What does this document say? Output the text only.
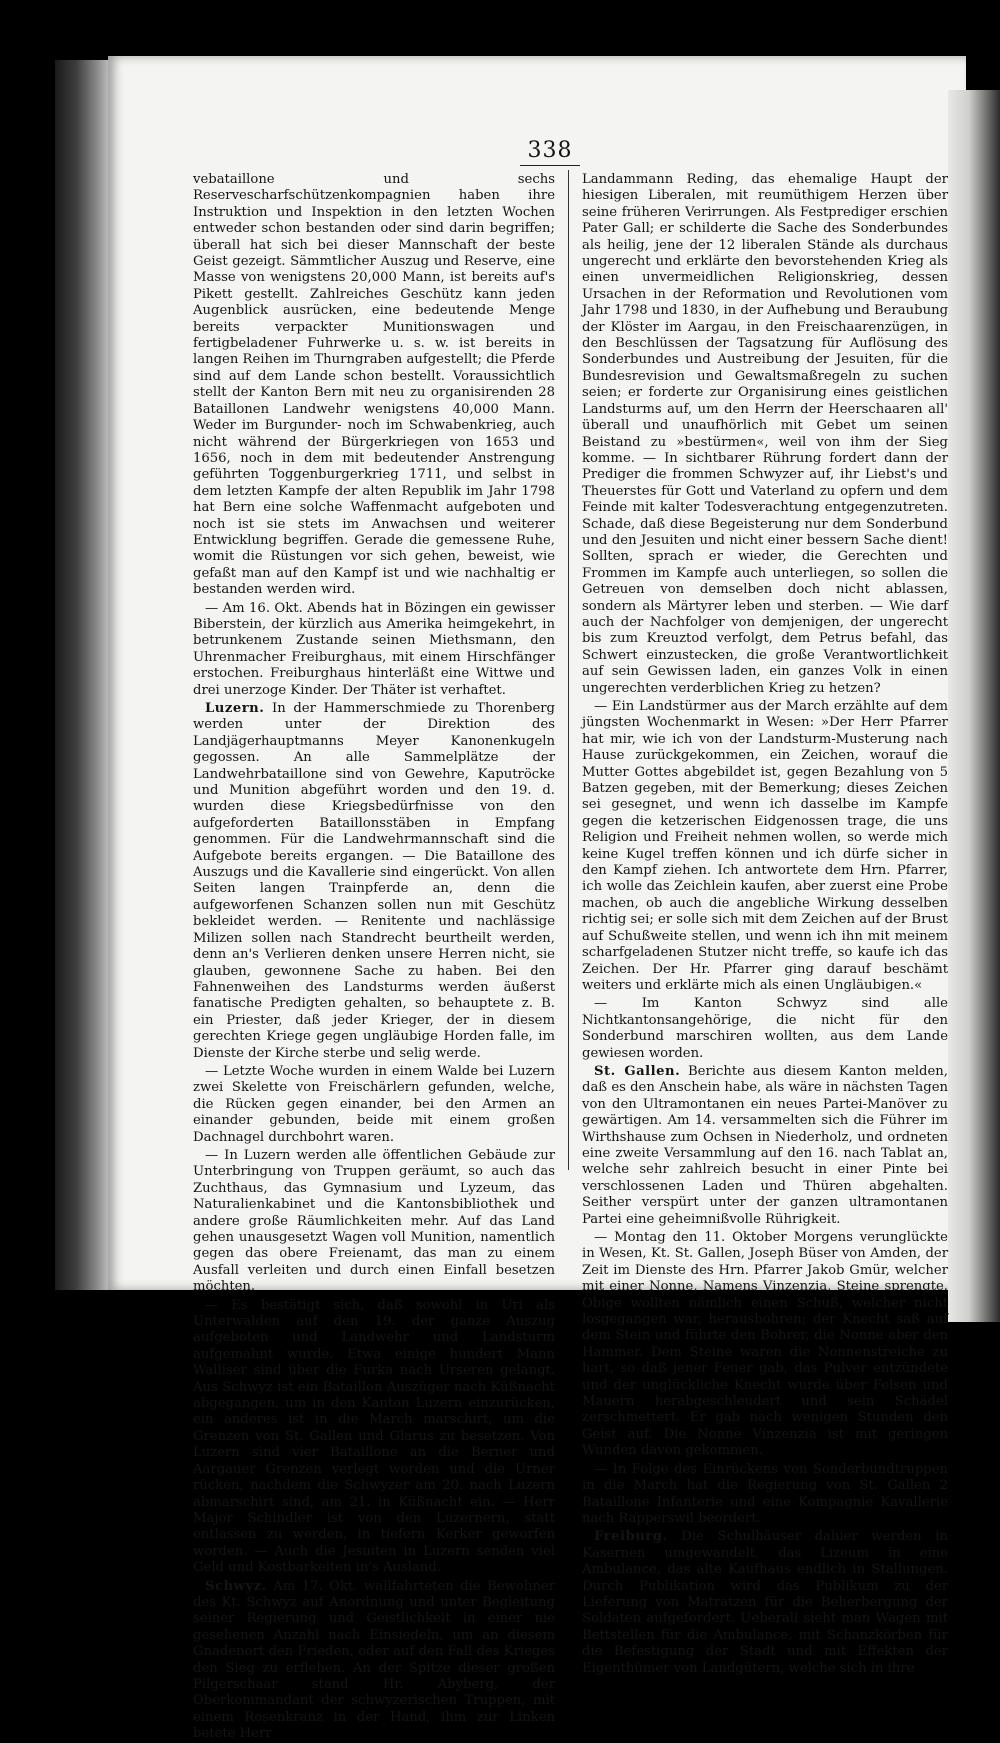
338

vebataillone und sechs Reservescharfschützenkompagnien haben ihre Instruktion und Inspektion in den letzten Wochen entweder schon bestanden oder sind darin begriffen; überall hat sich bei dieser Mannschaft der beste Geist gezeigt. Sämmtlicher Auszug und Reserve, eine Masse von wenigstens 20,000 Mann, ist bereits auf's Pikett gestellt. Zahlreiches Geschütz kann jeden Augenblick ausrücken, eine bedeutende Menge bereits verpackter Munitionswagen und fertigbeladener Fuhrwerke u. s. w. ist bereits in langen Reihen im Thurngraben aufgestellt; die Pferde sind auf dem Lande schon bestellt. Voraussichtlich stellt der Kanton Bern mit neu zu organisirenden 28 Bataillonen Landwehr wenigstens 40,000 Mann. Weder im Burgunder- noch im Schwabenkrieg, auch nicht während der Bürgerkriegen von 1653 und 1656, noch in dem mit bedeutender Anstrengung geführten Toggenburgerkrieg 1711, und selbst in dem letzten Kampfe der alten Republik im Jahr 1798 hat Bern eine solche Waffenmacht aufgeboten und noch ist sie stets im Anwachsen und weiterer Entwicklung begriffen. Gerade die gemessene Ruhe, womit die Rüstungen vor sich gehen, beweist, wie gefaßt man auf den Kampf ist und wie nachhaltig er bestanden werden wird.

— Am 16. Okt. Abends hat in Bözingen ein gewisser Biberstein, der kürzlich aus Amerika heimgekehrt, in betrunkenem Zustande seinen Miethsmann, den Uhrenmacher Freiburghaus, mit einem Hirschfänger erstochen. Freiburghaus hinterläßt eine Wittwe und drei unerzoge Kinder. Der Thäter ist verhaftet.

Luzern. In der Hammerschmiede zu Thorenberg werden unter der Direktion des Landjägerhauptmanns Meyer Kanonenkugeln gegossen. An alle Sammelplätze der Landwehrbataillone sind von Gewehre, Kaputröcke und Munition abgeführt worden und den 19. d. wurden diese Kriegsbedürfnisse von den aufgeforderten Bataillonsstäben in Empfang genommen. Für die Landwehrmannschaft sind die Aufgebote bereits ergangen. — Die Bataillone des Auszugs und die Kavallerie sind eingerückt. Von allen Seiten langen Trainpferde an, denn die aufgeworfenen Schanzen sollen nun mit Geschütz bekleidet werden. — Renitente und nachlässige Milizen sollen nach Standrecht beurtheilt werden, denn an's Verlieren denken unsere Herren nicht, sie glauben, gewonnene Sache zu haben. Bei den Fahnenweihen des Landsturms werden äußerst fanatische Predigten gehalten, so behauptete z. B. ein Priester, daß jeder Krieger, der in diesem gerechten Kriege gegen ungläubige Horden falle, im Dienste der Kirche sterbe und selig werde.

— Letzte Woche wurden in einem Walde bei Luzern zwei Skelette von Freischärlern gefunden, welche, die Rücken gegen einander, bei den Armen an einander gebunden, beide mit einem großen Dachnagel durchbohrt waren.

— In Luzern werden alle öffentlichen Gebäude zur Unterbringung von Truppen geräumt, so auch das Zuchthaus, das Gymnasium und Lyzeum, das Naturalienkabinet und die Kantonsbibliothek und andere große Räumlichkeiten mehr. Auf das Land gehen unausgesetzt Wagen voll Munition, namentlich gegen das obere Freienamt, das man zu einem Ausfall verleiten und durch einen Einfall besetzen möchten.

— Es bestätigt sich, daß sowohl in Uri als Unterwalden auf den 19. der ganze Auszug aufgeboten und Landwehr und Landsturm aufgemahnt wurde. Etwa einige hundert Mann Walliser sind über die Furka nach Urseren gelangt. Aus Schwyz ist ein Bataillon Auszüger nach Küßnacht abgegangen, um in den Kanton Luzern einzurücken, ein anderes ist in die March marschirt, um die Grenzen von St. Gallen und Glarus zu besetzen. Von Luzern sind vier Bataillone an die Berner und Aargauer Grenzen verlegt worden und die Urner rücken, nachdem die Schwyzer am 20. nach Luzern abmarschirt sind, am 21. in Küßnacht ein. — Herr Major Schindler ist von den Luzernern, statt entlassen zu werden, in tiefern Kerker geworfen worden. — Auch die Jesuiten in Luzern senden viel Geld und Kostbarkeiten in's Ausland.

Schwyz. Am 17. Okt. wallfahrteten die Bewohner des Kt. Schwyz auf Anordnung und unter Begleitung seiner Regierung und Geistlichkeit in einer nie gesehenen Anzahl nach Einsiedeln, um an diesem Gnadenort den Frieden, oder auf den Fall des Krieges den Sieg zu erflehen. An der Spitze dieser großen Pilgerschaar stand Hr. Abyberg, der Oberkommandant der schwyzerischen Truppen, mit einem Rosenkranz in der Hand, ihm zur Linken betete Herr

Landammann Reding, das ehemalige Haupt der hiesigen Liberalen, mit reumüthigem Herzen über seine früheren Verirrungen. Als Festprediger erschien Pater Gall; er schilderte die Sache des Sonderbundes als heilig, jene der 12 liberalen Stände als durchaus ungerecht und erklärte den bevorstehenden Krieg als einen unvermeidlichen Religionskrieg, dessen Ursachen in der Reformation und Revolutionen vom Jahr 1798 und 1830, in der Aufhebung und Beraubung der Klöster im Aargau, in den Freischaarenzügen, in den Beschlüssen der Tagsatzung für Auflösung des Sonderbundes und Austreibung der Jesuiten, für die Bundesrevision und Gewaltsmaßregeln zu suchen seien; er forderte zur Organisirung eines geistlichen Landsturms auf, um den Herrn der Heerschaaren all' überall und unaufhörlich mit Gebet um seinen Beistand zu »bestürmen«, weil von ihm der Sieg komme. — In sichtbarer Rührung fordert dann der Prediger die frommen Schwyzer auf, ihr Liebst's und Theuerstes für Gott und Vaterland zu opfern und dem Feinde mit kalter Todesverachtung entgegenzutreten. Schade, daß diese Begeisterung nur dem Sonderbund und den Jesuiten und nicht einer bessern Sache dient! Sollten, sprach er wieder, die Gerechten und Frommen im Kampfe auch unterliegen, so sollen die Getreuen von demselben doch nicht ablassen, sondern als Märtyrer leben und sterben. — Wie darf auch der Nachfolger von demjenigen, der ungerecht bis zum Kreuztod verfolgt, dem Petrus befahl, das Schwert einzustecken, die große Verantwortlichkeit auf sein Gewissen laden, ein ganzes Volk in einen ungerechten verderblichen Krieg zu hetzen?

— Ein Landstürmer aus der March erzählte auf dem jüngsten Wochenmarkt in Wesen: »Der Herr Pfarrer hat mir, wie ich von der Landsturm-Musterung nach Hause zurückgekommen, ein Zeichen, worauf die Mutter Gottes abgebildet ist, gegen Bezahlung von 5 Batzen gegeben, mit der Bemerkung; dieses Zeichen sei gesegnet, und wenn ich dasselbe im Kampfe gegen die ketzerischen Eidgenossen trage, die uns Religion und Freiheit nehmen wollen, so werde mich keine Kugel treffen können und ich dürfe sicher in den Kampf ziehen. Ich antwortete dem Hrn. Pfarrer, ich wolle das Zeichlein kaufen, aber zuerst eine Probe machen, ob auch die angebliche Wirkung desselben richtig sei; er solle sich mit dem Zeichen auf der Brust auf Schußweite stellen, und wenn ich ihn mit meinem scharfgeladenen Stutzer nicht treffe, so kaufe ich das Zeichen. Der Hr. Pfarrer ging darauf beschämt weiters und erklärte mich als einen Ungläubigen.«

— Im Kanton Schwyz sind alle Nichtkantonsangehörige, die nicht für den Sonderbund marschiren wollten, aus dem Lande gewiesen worden.

St. Gallen. Berichte aus diesem Kanton melden, daß es den Anschein habe, als wäre in nächsten Tagen von den Ultramontanen ein neues Partei-Manöver zu gewärtigen. Am 14. versammelten sich die Führer im Wirthshause zum Ochsen in Niederholz, und ordneten eine zweite Versammlung auf den 16. nach Tablat an, welche sehr zahlreich besucht in einer Pinte bei verschlossenen Laden und Thüren abgehalten. Seither verspürt unter der ganzen ultramontanen Partei eine geheimnißvolle Rührigkeit.

— Montag den 11. Oktober Morgens verunglückte in Wesen, Kt. St. Gallen, Joseph Büser von Amden, der Zeit im Dienste des Hrn. Pfarrer Jakob Gmür, welcher mit einer Nonne, Namens Vinzenzia, Steine sprengte. Obige wollten nämlich einen Schuß, welcher nicht losgegangen war, herausbohren; der Knecht saß auf dem Stein und führte den Bohrer, die Nonne aber den Hammer. Dem Steine waren die Nonnenstreiche zu hart, so daß jener Feuer gab, das Pulver entzündete und der unglückliche Knecht wurde über Felsen und Mauern herabgeschleudert und sein Schädel zerschmettert. Er gab nach wenigen Stunden den Geist auf. Die Nonne Vinzenzia ist mit geringen Wunden davon gekommen.

— In Folge des Einrückens von Sonderbundtruppen in die March hat die Regierung von St. Gallen 2 Bataillone Infanterie und eine Kompagnie Kavallerie nach Rapperswil beordert.

Freiburg. Die Schulhäuser dahier werden in Kasernen umgewandelt, das Lizeum in eine Ambulance, das alte Kaufhaus endlich in Stallungen. Durch Publikation wird das Publikum zu der Lieferung von Matratzen für die Beherbergung der Soldaten aufgefordert. Ueberall sieht man Wagen mit Bettstellen für die Ambulance, mit Schanzkörben für die Befestigung der Stadt und mit Effekten der Eigenthümer von Landgütern, welche sich in ihre
